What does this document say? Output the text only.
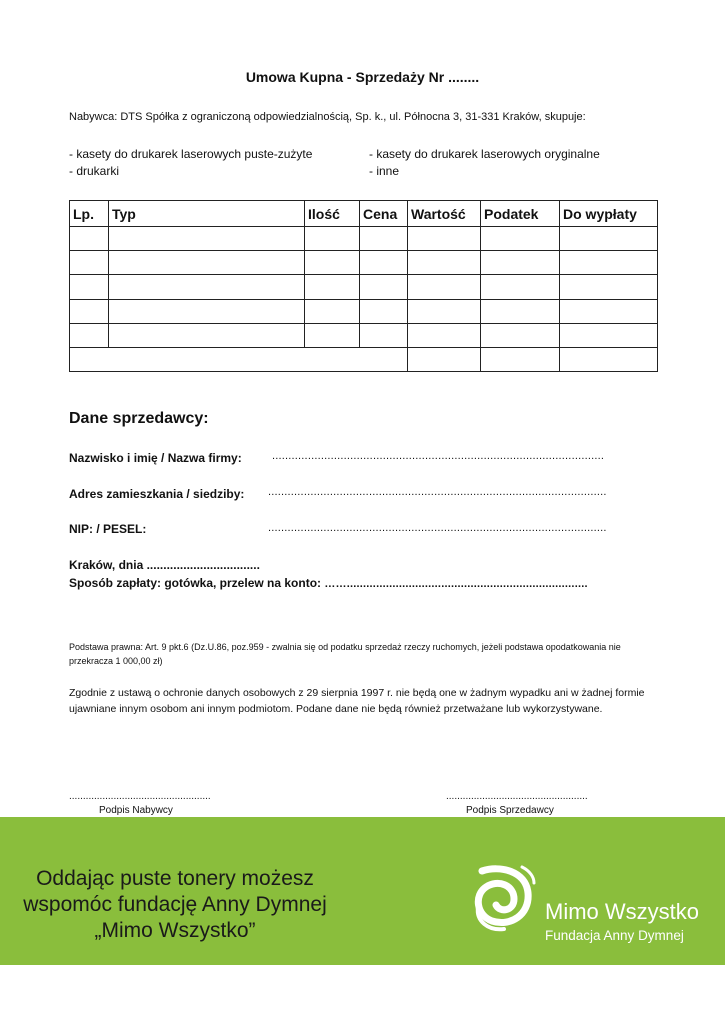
Umowa Kupna - Sprzedaży Nr ........
Nabywca: DTS Spółka z ograniczoną odpowiedzialnością, Sp. k., ul. Północna 3, 31-331 Kraków, skupuje:
- kasety do drukarek laserowych puste-zużyte
- drukarki
- kasety do drukarek laserowych oryginalne
- inne
Lp.	Typ	Ilość	Cena	Wartość	Podatek	Do wypłaty

Dane sprzedawcy:
Nazwisko i imię / Nazwa firmy:	......................................................................................................
Adres zamieszkania / siedziby: ........................................................................................................
NIP: / PESEL:	........................................................................................................
Kraków, dnia ..................................
Sposób zapłaty: gotówka, przelew na konto: ……..........................................................................
Podstawa prawna: Art. 9 pkt.6 (Dz.U.86, poz.959 - zwalnia się od podatku sprzedaż rzeczy ruchomych, jeżeli podstawa opodatkowania nie przekracza 1 000,00 zł)
Zgodnie z ustawą o ochronie danych osobowych z 29 sierpnia 1997 r. nie będą one w żadnym wypadku ani w żadnej formie ujawniane innym osobom ani innym podmiotom. Podane dane nie będą również przetważane lub wykorzystywane.
...................................................
Podpis Nabywcy
...................................................
Podpis Sprzedawcy
Oddając puste tonery możesz wspomóc fundację Anny Dymnej „Mimo Wszystko”
Mimo Wszystko
Fundacja Anny Dymnej
